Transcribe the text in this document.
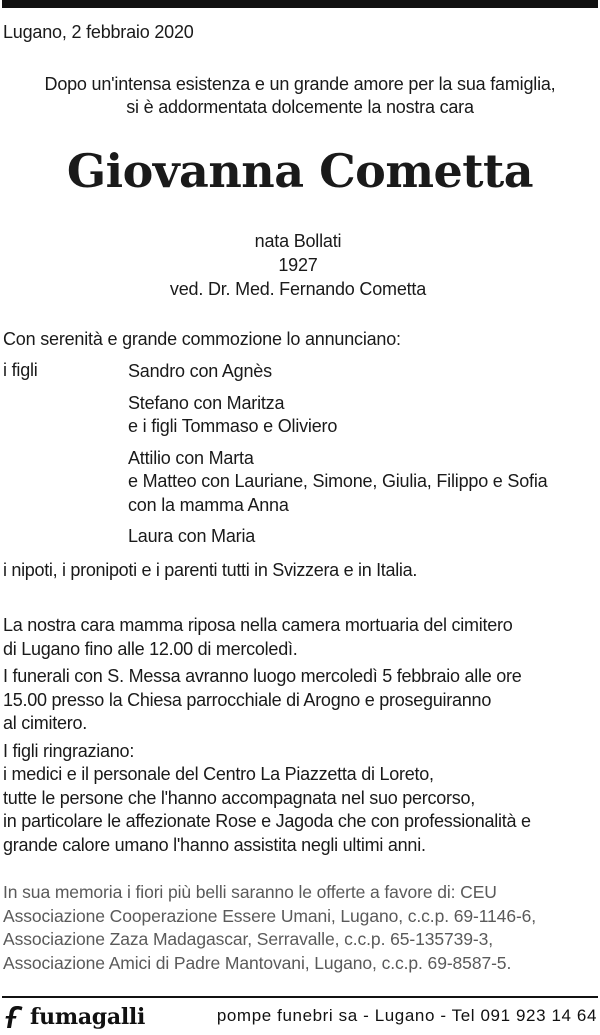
Lugano, 2 febbraio 2020
Dopo un'intensa esistenza e un grande amore per la sua famiglia,
si è addormentata dolcemente la nostra cara
Giovanna Cometta
nata Bollati
1927
ved. Dr. Med. Fernando Cometta
Con serenità e grande commozione lo annunciano:
i figli	Sandro con Agnès
Stefano con Maritza
e i figli Tommaso e Oliviero
Attilio con Marta
e Matteo con Lauriane, Simone, Giulia, Filippo e Sofia
con la mamma Anna
Laura con Maria
i nipoti, i pronipoti e i parenti tutti in Svizzera e in Italia.
La nostra cara mamma riposa nella camera mortuaria del cimitero
di Lugano fino alle 12.00 di mercoledì.
I funerali con S. Messa avranno luogo mercoledì 5 febbraio alle ore
15.00 presso la Chiesa parrocchiale di Arogno e proseguiranno
al cimitero.
I figli ringraziano:
i medici e il personale del Centro La Piazzetta di Loreto,
tutte le persone che l'hanno accompagnata nel suo percorso,
in particolare le affezionate Rose e Jagoda che con professionalità e
grande calore umano l'hanno assistita negli ultimi anni.
In sua memoria i fiori più belli saranno le offerte a favore di: CEU
Associazione Cooperazione Essere Umani, Lugano, c.c.p. 69-1146-6,
Associazione Zaza Madagascar, Serravalle, c.c.p. 65-135739-3,
Associazione Amici di Padre Mantovani, Lugano, c.c.p. 69-8587-5.
fumagalli	pompe funebri sa - Lugano - Tel 091 923 14 64
